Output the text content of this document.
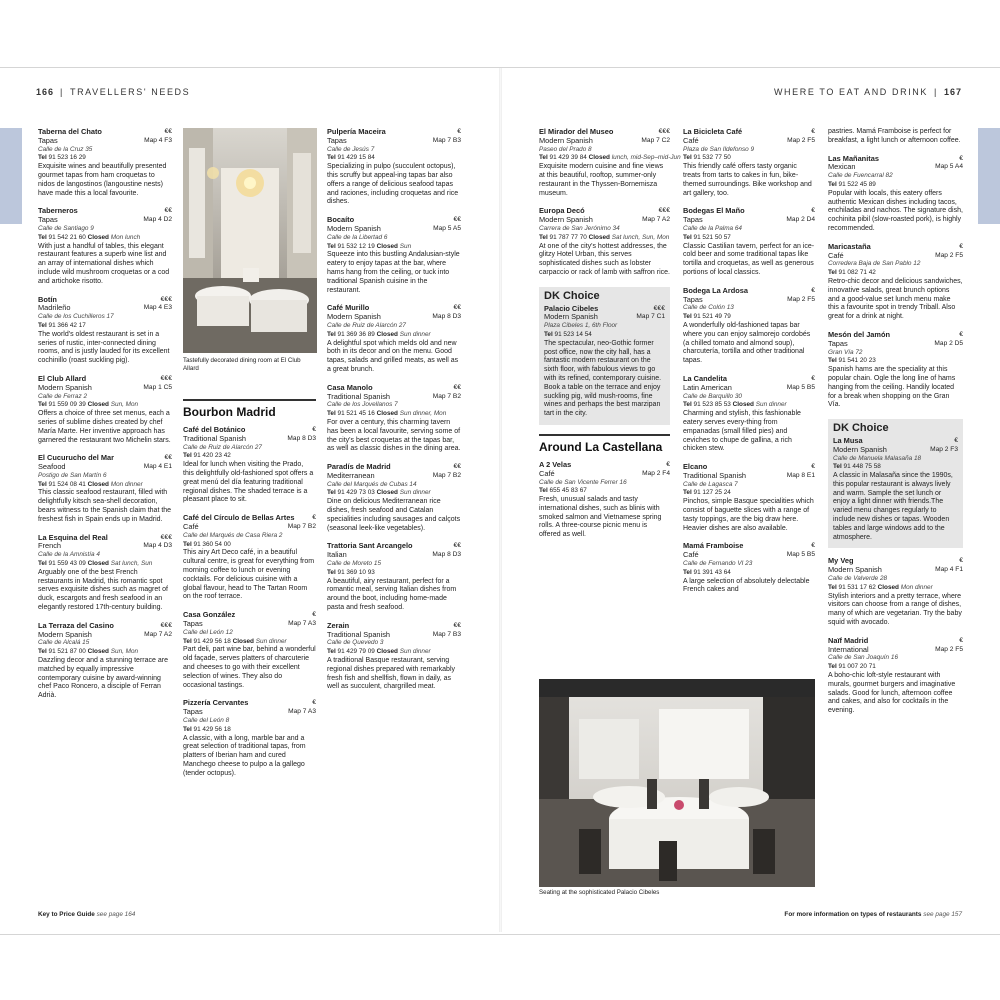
166 | TRAVELLERS' NEEDS	WHERE TO EAT AND DRINK | 167
Taberna del Chato	€€
Tapas	Map 4 F3
Calle de la Cruz 35
Tel 91 523 16 29
Exquisite wines and beautifully presented gourmet tapas from ham croquetas to nidos de langostinos (langoustine nests) have made this a local favourite.
Taberneros	€€
Tapas	Map 4 D2
Calle de Santiago 9
Tel 91 542 21 60 Closed Mon lunch
With just a handful of tables, this elegant restaurant features a superb wine list and an array of international dishes which include wild mushroom croquetas or a cod and artichoke risotto.
Botín	€€€
Madrileño	Map 4 E3
Calle de los Cuchilleros 17
Tel 91 366 42 17
The world's oldest restaurant is set in a series of rustic, inter-connected dining rooms, and is justly lauded for its excellent cochinillo (roast suckling pig).
El Club Allard	€€€
Modern Spanish	Map 1 C5
Calle de Ferraz 2
Tel 91 559 09 39 Closed Sun, Mon
Offers a choice of three set menus, each a series of sublime dishes created by chef María Marte. Her inventive approach has garnered the restaurant two Michelin stars.
El Cucurucho del Mar	€€
Seafood	Map 4 E1
Postigo de San Martín 6
Tel 91 524 08 41 Closed Mon dinner
This classic seafood restaurant, filled with delightfully kitsch sea-shell decoration, bears witness to the Spanish claim that the freshest fish in Spain ends up in Madrid.
La Esquina del Real	€€€
French	Map 4 D3
Calle de la Amnistía 4
Tel 91 559 43 09 Closed Sat lunch, Sun
Arguably one of the best French restaurants in Madrid, this romantic spot serves exquisite dishes such as magret of duck, escargots and fresh seafood in an elegantly restored 17th-century building.
La Terraza del Casino	€€€
Modern Spanish	Map 7 A2
Calle de Alcalá 15
Tel 91 521 87 00 Closed Sun, Mon
Dazzling decor and a stunning terrace are matched by equally impressive contemporary cuisine by award-winning chef Paco Roncero, a disciple of Ferran Adrià.
Bourbon Madrid
Café del Botánico	€
Traditional Spanish	Map 8 D3
Calle de Ruiz de Alarcón 27
Tel 91 420 23 42
Ideal for lunch when visiting the Prado, this delightfully old-fashioned spot offers a great menú del día featuring traditional regional dishes. The shaded terrace is a pleasant place to sit.
Café del Círculo de Bellas Artes	€
Café	Map 7 B2
Calle del Marqués de Casa Riera 2
Tel 91 360 54 00
This airy Art Deco café, in a beautiful cultural centre, is great for everything from morning coffee to lunch or evening cocktails. For delicious cuisine with a global flavour, head to The Tartan Room on the roof terrace.
Casa González	€
Tapas	Map 7 A3
Calle del León 12
Tel 91 429 56 18 Closed Sun dinner
Part deli, part wine bar, behind a wonderful old façade, serves platters of charcuterie and cheeses to go with their excellent selection of wines. They also do occasional tastings.
Pizzería Cervantes	€
Tapas	Map 7 A3
Calle del León 8
Tel 91 429 56 18
A classic, with a long, marble bar and a great selection of traditional tapas, from platters of Iberian ham and cured Manchego cheese to pulpo a la gallego (tender octopus).
Pulpería Maceira	€
Tapas	Map 7 B3
Calle de Jesús 7
Tel 91 429 15 84
Specializing in pulpo (succulent octopus), this scruffy but appeal-ing tapas bar also offers a range of delicious seafood tapas and raciones, including croquetas and rice dishes.
Bocaíto	€€
Modern Spanish	Map 5 A5
Calle de la Libertad 6
Tel 91 532 12 19 Closed Sun
Squeeze into this bustling Andalusian-style eatery to enjoy tapas at the bar, where hams hang from the ceiling, or tuck into traditional Spanish cuisine in the restaurant.
Café Murillo	€€
Modern Spanish	Map 8 D3
Calle de Ruiz de Alarcón 27
Tel 91 369 36 89 Closed Sun dinner
A delightful spot which melds old and new both in its decor and on the menu. Good tapas, salads and grilled meats, as well as a great brunch.
Casa Manolo	€€
Traditional Spanish	Map 7 B2
Calle de los Jovellanos 7
Tel 91 521 45 16 Closed Sun dinner, Mon
For over a century, this charming tavern has been a local favourite, serving some of the city's best croquetas at the tapas bar, as well as classic dishes in the dining area.
Paradís de Madrid	€€
Mediterranean	Map 7 B2
Calle del Marqués de Cubas 14
Tel 91 429 73 03 Closed Sun dinner
Dine on delicious Mediterranean rice dishes, fresh seafood and Catalan specialities including sausages and calçots (seasonal leek-like vegetables).
Trattoria Sant Arcangelo	€€
Italian	Map 8 D3
Calle de Moreto 15
Tel 91 369 10 93
A beautiful, airy restaurant, perfect for a romantic meal, serving Italian dishes from around the boot, including home-made pasta and fresh seafood.
Zerain	€€
Traditional Spanish	Map 7 B3
Calle de Quevedo 3
Tel 91 429 79 09 Closed Sun dinner
A traditional Basque restaurant, serving regional dishes prepared with remarkably fresh fish and shellfish, flown in daily, as well as succulent, chargrilled meat.
El Mirador del Museo	€€€
Modern Spanish	Map 7 C2
Paseo del Prado 8
Tel 91 429 39 84 Closed lunch, mid-Sep–mid-Jun
Exquisite modern cuisine and fine views at this beautiful, rooftop, summer-only restaurant in the Thyssen-Bornemisza museum.
Europa Decó	€€€
Modern Spanish	Map 7 A2
Carrera de San Jerónimo 34
Tel 91 787 77 70 Closed Sat lunch, Sun, Mon
At one of the city's hottest addresses, the glitzy Hotel Urban, this serves sophisticated dishes such as lobster carpaccio or rack of lamb with saffron rice.
DK Choice
Palacio Cibeles	€€€
Modern Spanish	Map 7 C1
Plaza Cibeles 1, 6th Floor
Tel 91 523 14 54
The spectacular, neo-Gothic former post office, now the city hall, has a fantastic modern restaurant on the sixth floor, with fabulous views to go with its refined, contemporary cuisine. Book a table on the terrace and enjoy suckling pig, wild mush-rooms, fine wines and perhaps the best marzipan tart in the city.
Around La Castellana
A 2 Velas	€
Café	Map 2 F4
Calle de San Vicente Ferrer 16
Tel 655 45 83 67
Fresh, unusual salads and tasty international dishes, such as blinis with smoked salmon and Vietnamese spring rolls. A three-course picnic menu is offered as well.
La Bicicleta Café	€
Café	Map 2 F5
Plaza de San Ildefonso 9
Tel 91 532 77 50
This friendly café offers tasty organic treats from tarts to cakes in fun, bike-themed surroundings. Bike workshop and art gallery, too.
Bodegas El Maño	€
Tapas	Map 2 D4
Calle de la Palma 64
Tel 91 521 50 57
Classic Castilian tavern, perfect for an ice-cold beer and some traditional tapas like tortilla and croquetas, as well as generous portions of local classics.
Bodega La Ardosa	€
Tapas	Map 2 F5
Calle de Colón 13
Tel 91 521 49 79
A wonderfully old-fashioned tapas bar where you can enjoy salmorejo cordobés (a chilled tomato and almond soup), charcutería, tortilla and other traditional tapas.
La Candelita	€
Latin American	Map 5 B5
Calle de Barquillo 30
Tel 91 523 85 53 Closed Sun dinner
Charming and stylish, this fashionable eatery serves every-thing from empanadas (small filled pies) and ceviches to chupe de gallina, a rich chicken stew.
Elcano	€
Traditional Spanish	Map 8 E1
Calle de Lagasca 7
Tel 91 127 25 24
Pinchos, simple Basque specialities which consist of baguette slices with a range of tasty toppings, are the big draw here. Heavier dishes are also available.
Mamá Framboise	€
Café	Map 5 B5
Calle de Fernando VI 23
Tel 91 391 43 64
A large selection of absolutely delectable French cakes and
pastries. Mamá Framboise is perfect for breakfast, a light lunch or afternoon coffee.
Las Mañanitas	€
Mexican	Map 5 A4
Calle de Fuencarral 82
Tel 91 522 45 89
Popular with locals, this eatery offers authentic Mexican dishes including tacos, enchiladas and nachos. The signature dish, cochinita pibil (slow-roasted pork), is highly recommended.
Maricastaña	€
Café	Map 2 F5
Corredera Baja de San Pablo 12
Tel 91 082 71 42
Retro-chic decor and delicious sandwiches, innovative salads, great brunch options and a good-value set lunch menu make this a favourite spot in trendy Triball. Also great for a drink at night.
Mesón del Jamón	€
Tapas	Map 2 D5
Gran Vía 72
Tel 91 541 20 23
Spanish hams are the speciality at this popular chain. Ogle the long line of hams hanging from the ceiling. Handily located for a break when shopping on the Gran Vía.
DK Choice
La Musa	€
Modern Spanish	Map 2 F3
Calle de Manuela Malasaña 18
Tel 91 448 75 58
A classic in Malasaña since the 1990s, this popular restaurant is always lively and warm. Sample the set lunch or enjoy a light dinner with friends.The varied menu changes regularly to include new dishes or tapas. Wooden tables and large windows add to the atmosphere.
My Veg	€
Modern Spanish	Map 4 F1
Calle de Valverde 28
Tel 91 531 17 62 Closed Mon dinner
Stylish interiors and a pretty terrace, where visitors can choose from a range of dishes, many of which are vegetarian. Try the baby squid with avocado.
Naïf Madrid	€
International	Map 2 F5
Calle de San Joaquín 16
Tel 91 007 20 71
A boho-chic loft-style restaurant with murals, gourmet burgers and imaginative salads. Good for lunch, afternoon coffee and cakes, and also for cocktails in the evening.
Tastefully decorated dining room at El Club Allard
Seating at the sophisticated Palacio Cibeles
Key to Price Guide see page 164	For more information on types of restaurants see page 157
